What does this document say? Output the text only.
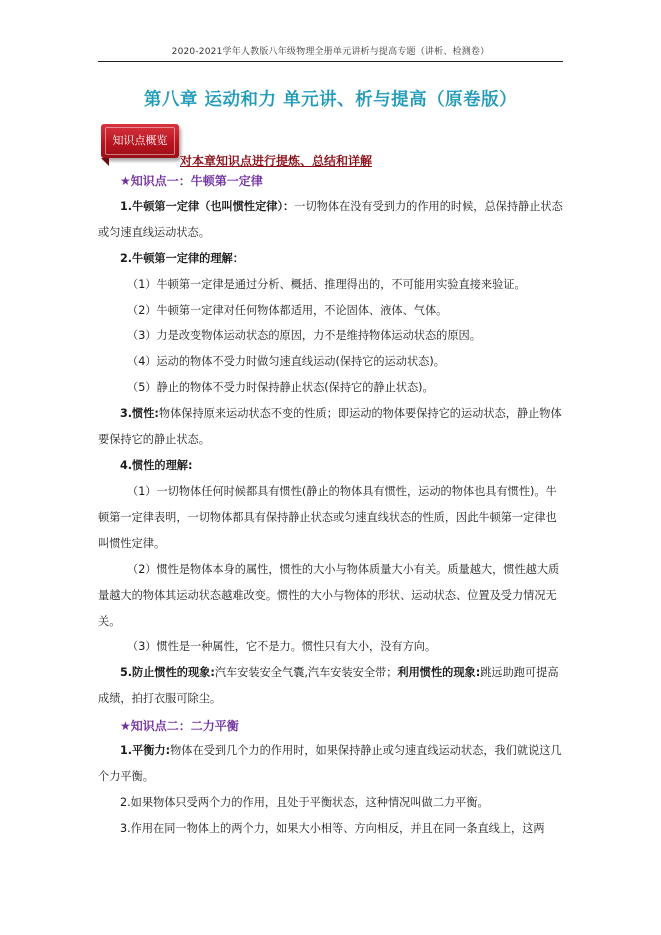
2020-2021学年人教版八年级物理全册单元讲析与提高专题（讲析、检测卷）
第八章 运动和力 单元讲、析与提高（原卷版）
知识点概览
对本章知识点进行提炼、总结和详解
★知识点一：牛顿第一定律
1.牛顿第一定律（也叫惯性定律）：一切物体在没有受到力的作用的时候，总保持静止状态或匀速直线运动状态。
2.牛顿第一定律的理解：
（1）牛顿第一定律是通过分析、概括、推理得出的，不可能用实验直接来验证。
（2）牛顿第一定律对任何物体都适用，不论固体、液体、气体。
（3）力是改变物体运动状态的原因，力不是维持物体运动状态的原因。
（4）运动的物体不受力时做匀速直线运动(保持它的运动状态)。
（5）静止的物体不受力时保持静止状态(保持它的静止状态)。
3.惯性:物体保持原来运动状态不变的性质；即运动的物体要保持它的运动状态，静止物体要保持它的静止状态。
4.惯性的理解:
（1）一切物体任何时候都具有惯性(静止的物体具有惯性，运动的物体也具有惯性)。牛顿第一定律表明，一切物体都具有保持静止状态或匀速直线状态的性质，因此牛顿第一定律也叫惯性定律。
（2）惯性是物体本身的属性，惯性的大小与物体质量大小有关。质量越大，惯性越大质量越大的物体其运动状态越难改变。惯性的大小与物体的形状、运动状态、位置及受力情况无关。
（3）惯性是一种属性，它不是力。惯性只有大小，没有方向。
5.防止惯性的现象:汽车安装安全气囊,汽车安装安全带；利用惯性的现象:跳远助跑可提高成绩，拍打衣服可除尘。
★知识点二：二力平衡
1.平衡力:物体在受到几个力的作用时，如果保持静止或匀速直线运动状态，我们就说这几个力平衡。
2.如果物体只受两个力的作用，且处于平衡状态，这种情况叫做二力平衡。
3.作用在同一物体上的两个力，如果大小相等、方向相反，并且在同一条直线上，这两
